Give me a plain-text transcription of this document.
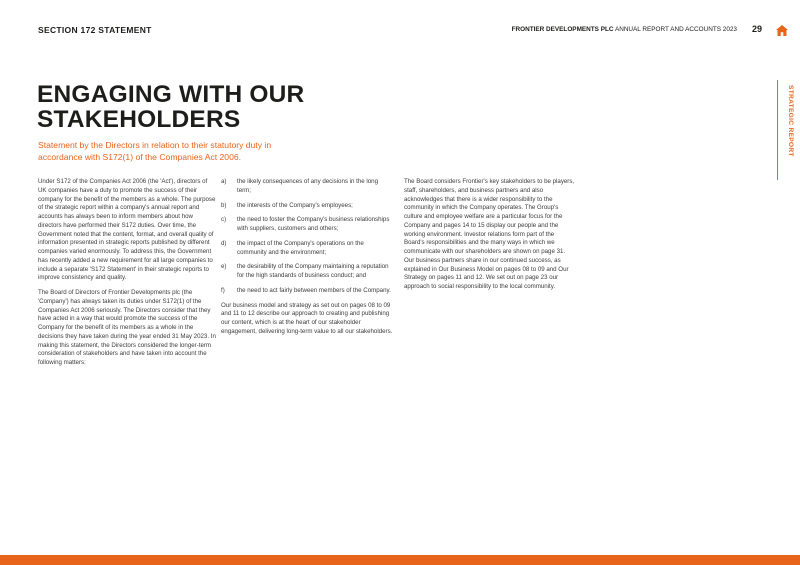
SECTION 172 STATEMENT	FRONTIER DEVELOPMENTS PLC ANNUAL REPORT AND ACCOUNTS 2023 29
STRATEGIC REPORT
ENGAGING WITH OUR
STAKEHOLDERS

Statement by the Directors in relation to their statutory duty in accordance with S172(1) of the Companies Act 2006.

Under S172 of the Companies Act 2006 (the 'Act'), directors of UK companies have a duty to promote the success of their company for the benefit of the members as a whole. The purpose of the strategic report within a company's annual report and accounts has always been to inform members about how directors have performed their S172 duties. Over time, the Government noted that the content, format, and overall quality of information presented in strategic reports published by different companies varied enormously. To address this, the Government has recently added a new requirement for all large companies to include a separate 'S172 Statement' in their strategic reports to improve consistency and quality.

The Board of Directors of Frontier Developments plc (the 'Company') has always taken its duties under S172(1) of the Companies Act 2006 seriously. The Directors consider that they have acted in a way that would promote the success of the Company for the benefit of its members as a whole in the decisions they have taken during the year ended 31 May 2023. In making this statement, the Directors considered the longer-term consideration of stakeholders and have taken into account the following matters:

a)	the likely consequences of any decisions in the long term;
b)	the interests of the Company's employees;
c)	the need to foster the Company's business relationships with suppliers, customers and others;
d)	the impact of the Company's operations on the community and the environment;
e)	the desirability of the Company maintaining a reputation for the high standards of business conduct; and
f)	the need to act fairly between members of the Company.

Our business model and strategy as set out on pages 08 to 09 and 11 to 12 describe our approach to creating and publishing our content, which is at the heart of our stakeholder engagement, delivering long-term value to all our stakeholders.

The Board considers Frontier's key stakeholders to be players, staff, shareholders, and business partners and also acknowledges that there is a wider responsibility to the community in which the Company operates. The Group's culture and employee welfare are a particular focus for the Company and pages 14 to 15 display our people and the working environment. Investor relations form part of the Board's responsibilities and the many ways in which we communicate with our shareholders are shown on page 31. Our business partners share in our continued success, as explained in Our Business Model on pages 08 to 09 and Our Strategy on pages 11 and 12. We set out on page 23 our approach to social responsibility to the local community.
